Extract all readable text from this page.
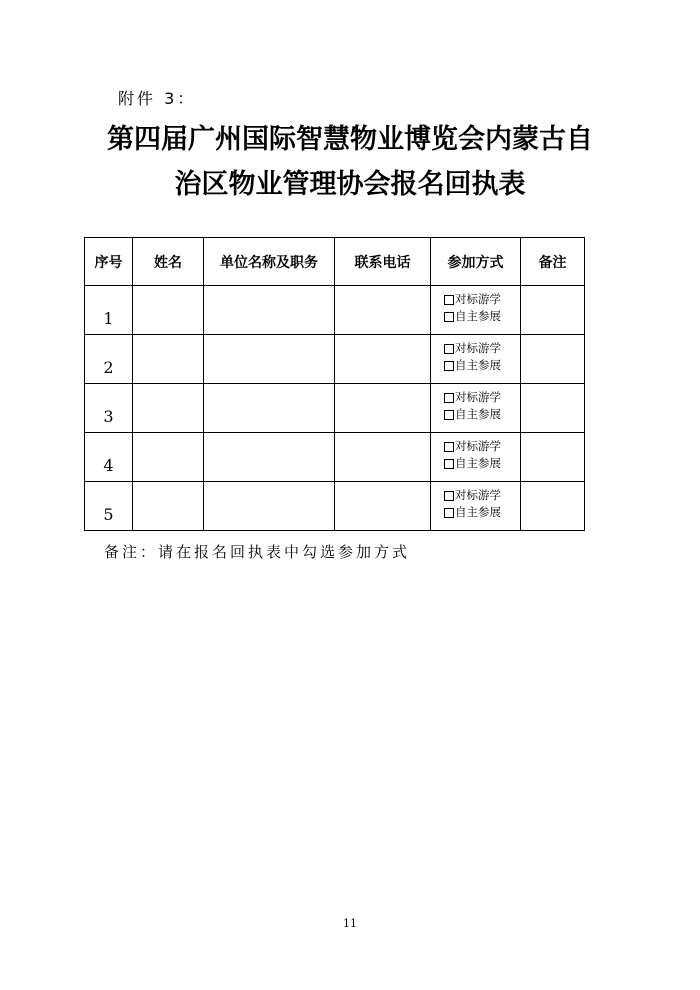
附件 3：
第四届广州国际智慧物业博览会内蒙古自
治区物业管理协会报名回执表
序号	姓名	单位名称及职务	联系电话	参加方式	备注
1				对标游学
自主参展	

2				对标游学
自主参展	

3				对标游学
自主参展	

4				对标游学
自主参展	

5				对标游学
自主参展	

备注：请在报名回执表中勾选参加方式
11
